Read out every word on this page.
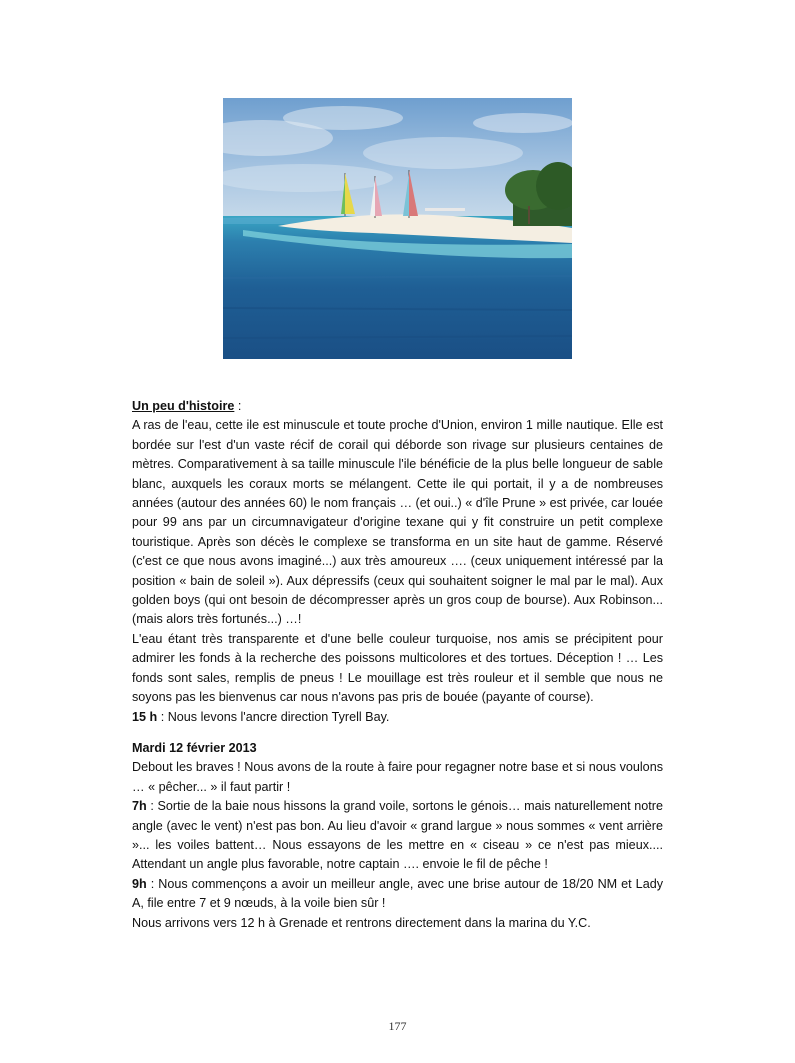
Un peu d'histoire :

A ras de l'eau, cette ile est minuscule et toute proche d'Union, environ 1 mille nautique. Elle est bordée sur l'est d'un vaste récif de corail qui déborde son rivage sur plusieurs centaines de mètres. Comparativement à sa taille minuscule l'ile bénéficie de la plus belle longueur de sable blanc, auxquels les coraux morts se mélangent. Cette ile qui portait, il y a de nombreuses années (autour des années 60) le nom français … (et oui..) « d'île Prune » est privée, car louée pour 99 ans par un circumnavigateur d'origine texane qui y fit construire un petit complexe touristique. Après son décès le complexe se transforma en un site haut de gamme. Réservé (c'est ce que nous avons imaginé...) aux très amoureux …. (ceux uniquement intéressé par la position « bain de soleil »). Aux dépressifs (ceux qui souhaitent soigner le mal par le mal). Aux golden boys (qui ont besoin de décompresser après un gros coup de bourse). Aux Robinson... (mais alors très fortunés...) …!

L'eau étant très transparente et d'une belle couleur turquoise, nos amis se précipitent pour admirer les fonds à la recherche des poissons multicolores et des tortues. Déception ! … Les fonds sont sales, remplis de pneus ! Le mouillage est très rouleur et il semble que nous ne soyons pas les bienvenus car nous n'avons pas pris de bouée (payante of course).

15 h : Nous levons l'ancre direction Tyrell Bay.

Mardi 12 février 2013

Debout les braves ! Nous avons de la route à faire pour regagner notre base et si nous voulons … « pêcher... » il faut partir !

7h : Sortie de la baie nous hissons la grand voile, sortons le génois… mais naturellement notre angle (avec le vent) n'est pas bon. Au lieu d'avoir « grand largue » nous sommes « vent arrière »... les voiles battent… Nous essayons de les mettre en « ciseau » ce n'est pas mieux.... Attendant un angle plus favorable, notre captain …. envoie le fil de pêche !

9h : Nous commençons a avoir un meilleur angle, avec une brise autour de 18/20 NM et Lady A, file entre 7 et 9 nœuds, à la voile bien sûr !

Nous arrivons vers 12 h à Grenade et rentrons directement dans la marina du Y.C.

177
